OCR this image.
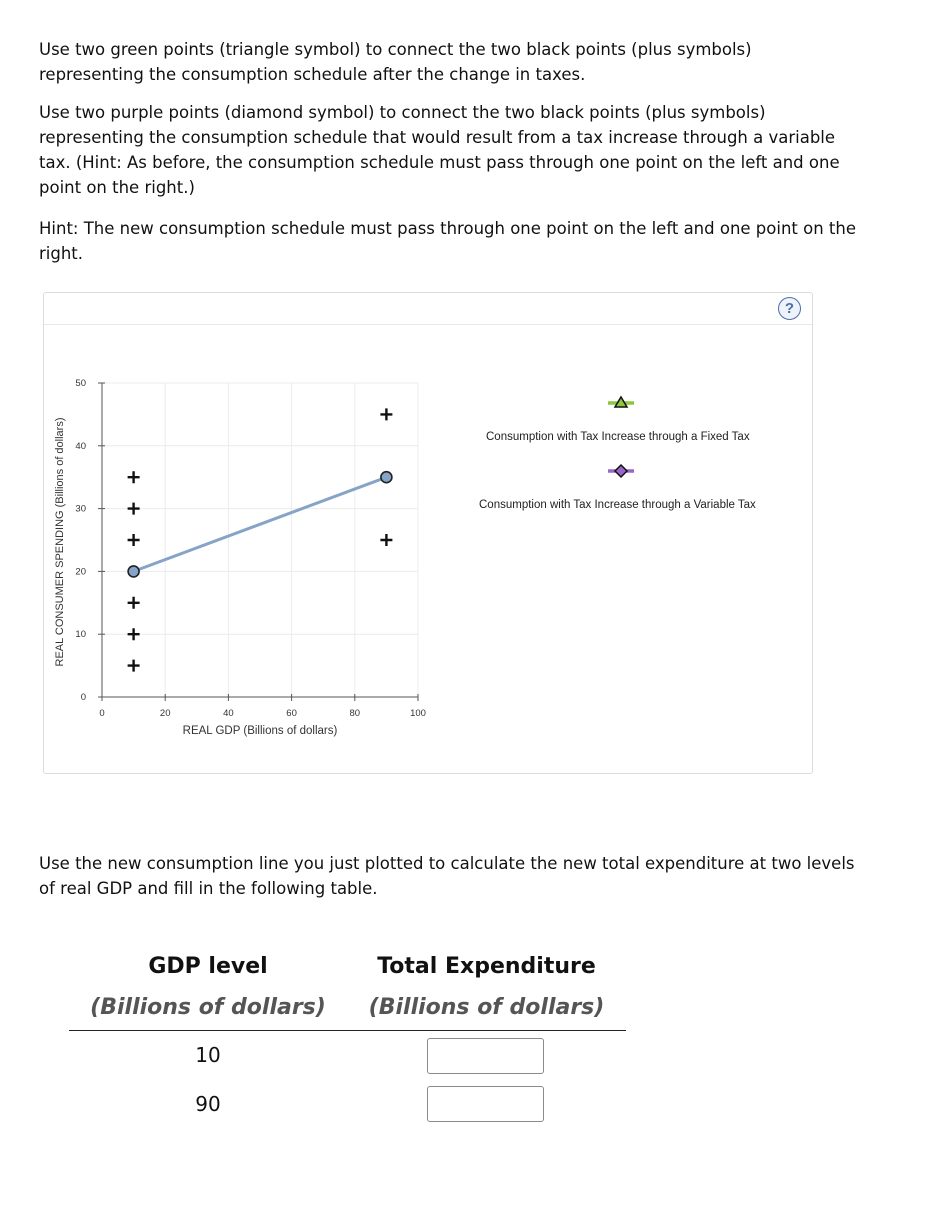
Use two green points (triangle symbol) to connect the two black points (plus symbols) representing the consumption schedule after the change in taxes.

Use two purple points (diamond symbol) to connect the two black points (plus symbols) representing the consumption schedule that would result from a tax increase through a variable tax. (Hint: As before, the consumption schedule must pass through one point on the left and one point on the right.)

Hint: The new consumption schedule must pass through one point on the left and one point on the right.

?
0	20	40	60	80	100
0
10
30
20
40
50
REAL GDP (Billions of dollars)
REAL CONSUMER SPENDING (Billions of dollars)	Consumption with Tax Increase through a Fixed Tax
Consumption with Tax Increase through a Variable Tax

Use the new consumption line you just plotted to calculate the new total expenditure at two levels of real GDP and fill in the following table.

GDP level	Total Expenditure
(Billions of dollars)	(Billions of dollars)
10
90
